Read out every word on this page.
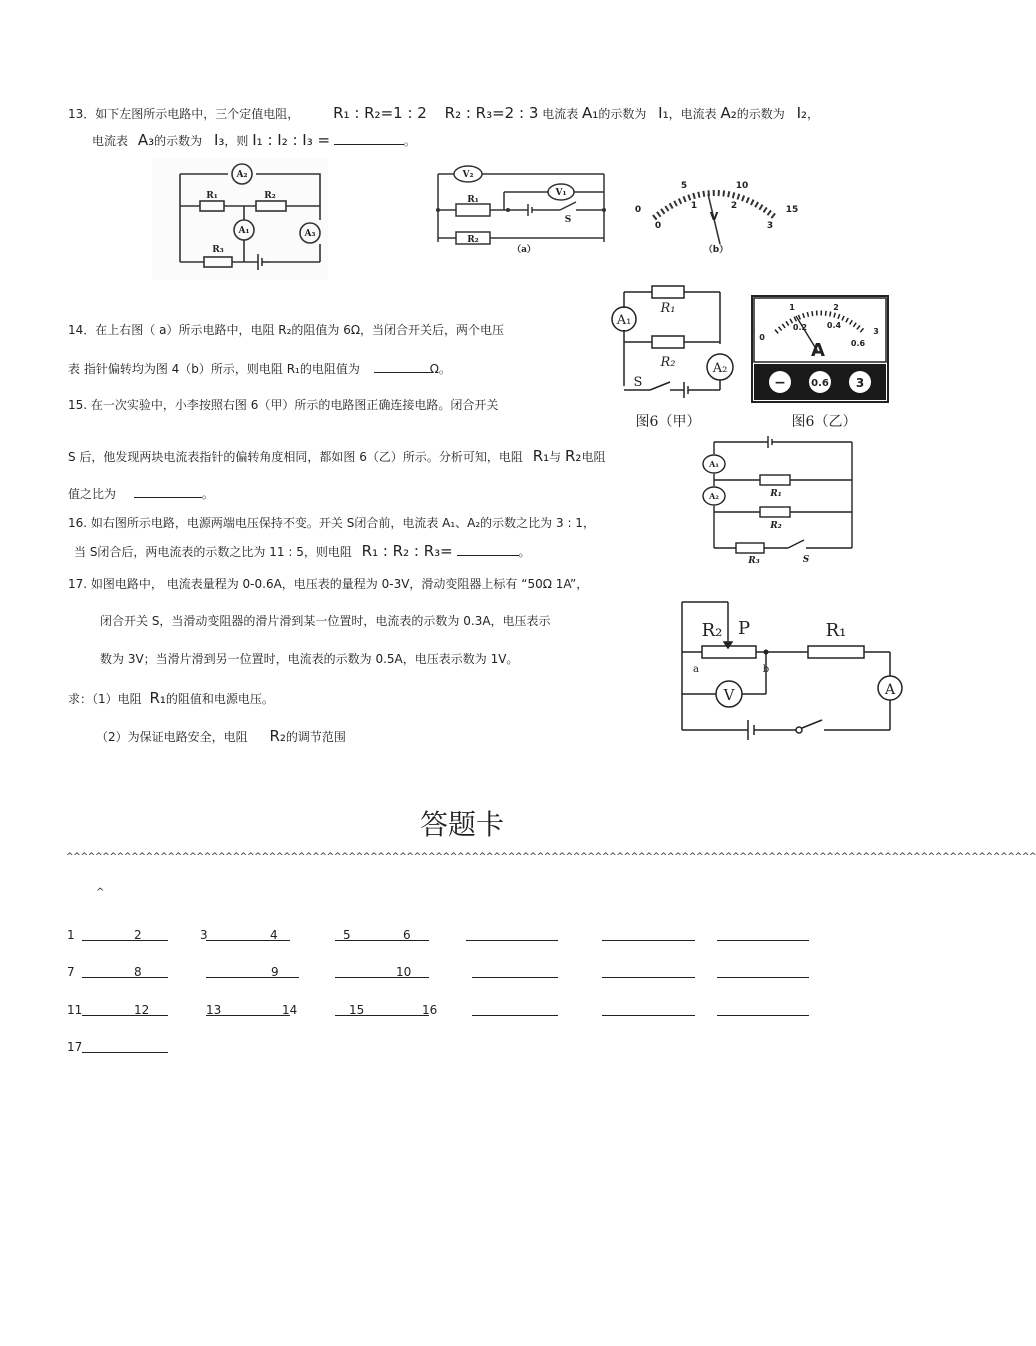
13．如下左图所示电路中，三个定值电阻， R₁ : R₂=1 : 2 R₂ : R₃=2 : 3 电流表 A₁的示数为 I₁，电流表 A₂的示数为 I₂，
电流表 A₃的示数为 I₃，则 I₁ : I₂ : I₃ =	。
A₂
R₁	R₂
A₁	A₃
R₃
V₂
V₁
R₁
R₂
S
（a）
0
5	10
15
0
1	2
3
V
（b）
A₁
R₁
R₂	A₂
S
图6（甲）
A
0
1	2
3
0.2 0.4
0.6
−	0.6 3
图6（乙）
14．在上右图（ a）所示电路中，电阻 R₂的阻值为 6Ω，当闭合开关后，两个电压
表 指针偏转均为图 4（b）所示，则电阻 R₁的电阻值为	Ω。
15. 在一次实验中，小李按照右图 6（甲）所示的电路图正确连接电路。闭合开关
S 后，他发现两块电流表指针的偏转角度相同，都如图 6（乙）所示。分析可知，电阻 R₁与 R₂电阻
值之比为	。
A₁
A₂	R₁
R₂
R₃	S
16. 如右图所示电路，电源两端电压保持不变。开关 S闭合前，电流表 A₁、A₂的示数之比为 3 : 1，
当 S闭合后，两电流表的示数之比为 11 : 5，则电阻 R₁ : R₂ : R₃=	。
R₂ P	R₁
a	b
V	A
17. 如图电路中， 电流表量程为 0-0.6A，电压表的量程为 0-3V，滑动变阻器上标有 “50Ω 1A”，
闭合开关 S，当滑动变阻器的滑片滑到某一位置时，电流表的示数为 0.3A，电压表示
数为 3V；当滑片滑到另一位置时，电流表的示数为 0.5A，电压表示数为 1V。
求：（1）电阻 R₁的阻值和电源电压。
（2）为保证电路安全，电阻 R₂的调节范围
答题卡
^^^^^^^^^^^^^^^^^^^^^^^^^^^^^^^^^^^^^^^^^^^^^^^^^^^^^^^^^^^^^^^^^^^^^^^^^^^^^^^^^^^^^^^^^^^^^^^^^^^^^^^^^^^^^^^^^^^^^^^^^^^^^^^^^^^^^^
^
1	2	3	4	5	6
7	8	9	10
11	12	13	14	15	16
17
